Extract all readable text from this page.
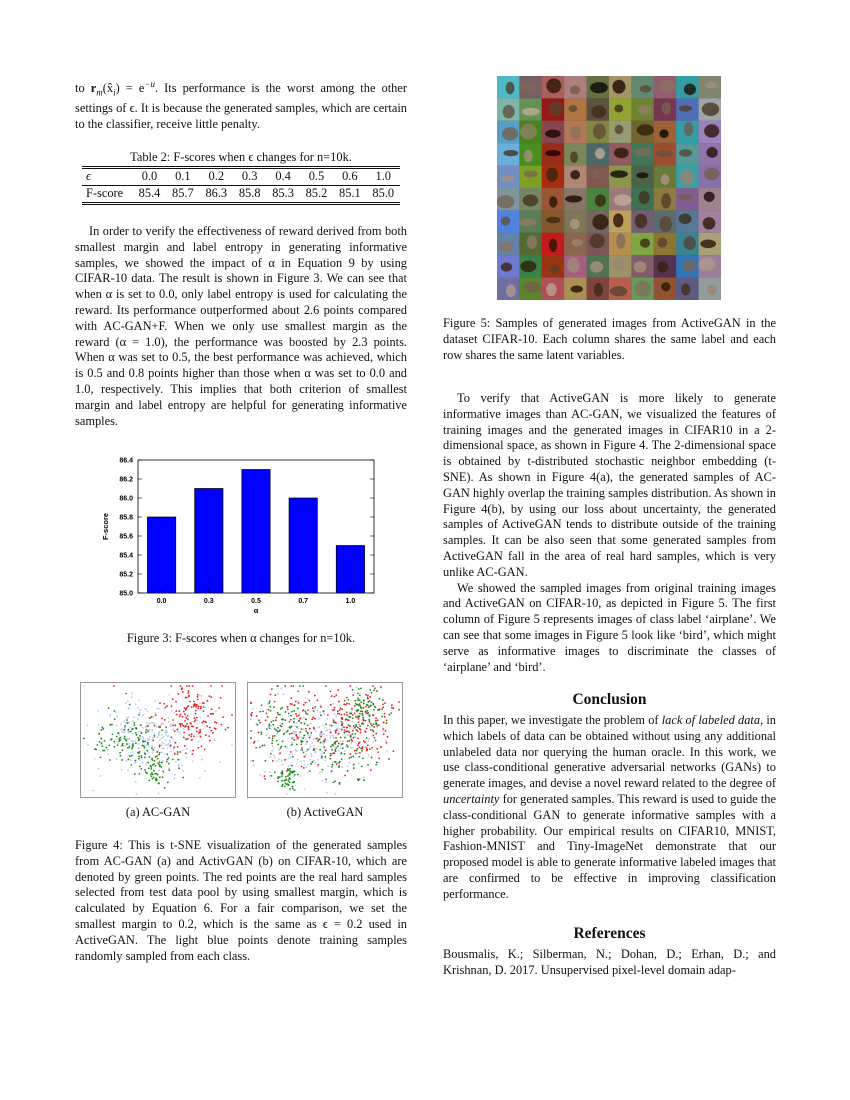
to $r_m(x̂_i) = e^{-u}$. Its performance is the worst among the other settings of ϵ. It is because the generated samples, which are certain to the classifier, receive little penalty.

Table 2: F-scores when ϵ changes for n=10k.
ϵ	0.0	0.1	0.2	0.3	0.4	0.5	0.6	1.0
F-score	85.4	85.7	86.3	85.8	85.3	85.2	85.1	85.0

In order to verify the effectiveness of reward derived from both smallest margin and label entropy in generating informative samples, we showed the impact of α in Equation 9 by using CIFAR-10 data. The result is shown in Figure 3. We can see that when α is set to 0.0, only label entropy is used for calculating the reward. Its performance outperformed about 2.6 points compared with AC-GAN+F. When we only use smallest margin as the reward (α = 1.0), the performance was boosted by 2.3 points. When α was set to 0.5, the best performance was achieved, which is 0.5 and 0.8 points higher than those when α was set to 0.0 and 1.0, respectively. This implies that both criterion of smallest margin and label entropy are helpful for generating informative samples.

85.0
85.2
85.4
85.6
85.8
86.0
86.2
86.4
0.0	0.3	0.5	0.7	1.0
α
F-score
Figure 3: F-scores when α changes for n=10k.
(a) AC-GAN	(b) ActiveGAN
Figure 4: This is t-SNE visualization of the generated samples from AC-GAN (a) and ActivGAN (b) on CIFAR-10, which are denoted by green points. The red points are the real hard samples selected from test data pool by using smallest margin, which is calculated by Equation 6. For a fair comparison, we set the smallest margin to 0.2, which is the same as ϵ = 0.2 used in ActiveGAN. The light blue points denote training samples randomly sampled from each class.
Figure 5: Samples of generated images from ActiveGAN in the dataset CIFAR-10. Each column shares the same label and each row shares the same latent variables.

To verify that ActiveGAN is more likely to generate informative images than AC-GAN, we visualized the features of training images and the generated images in CIFAR10 in a 2-dimensional space, as shown in Figure 4. The 2-dimensional space is obtained by t-distributed stochastic neighbor embedding (t-SNE). As shown in Figure 4(a), the generated samples of AC-GAN highly overlap the training samples distribution. As shown in Figure 4(b), by using our loss about uncertainty, the generated samples of ActiveGAN tends to distribute outside of the training samples. It can be also seen that some generated samples from ActiveGAN fall in the area of real hard samples, which is very unlike AC-GAN.

We showed the sampled images from original training images and ActiveGAN on CIFAR-10, as depicted in Figure 5. The first column of Figure 5 represents images of class label ‘airplane’. We can see that some images in Figure 5 look like ‘bird’, which might serve as informative images to discriminate the classes of ‘airplane’ and ‘bird’.

Conclusion

In this paper, we investigate the problem of lack of labeled data, in which labels of data can be obtained without using any additional unlabeled data nor querying the human oracle. In this work, we use class-conditional generative adversarial networks (GANs) to generate images, and devise a novel reward related to the degree of uncertainty for generated samples. This reward is used to guide the class-conditional GAN to generate informative samples with a higher probability. Our empirical results on CIFAR10, MNIST, Fashion-MNIST and Tiny-ImageNet demonstrate that our proposed model is able to generate informative labeled images that are confirmed to be effective in improving classification performance.

References

Bousmalis, K.; Silberman, N.; Dohan, D.; Erhan, D.; and Krishnan, D. 2017. Unsupervised pixel-level domain adap-
